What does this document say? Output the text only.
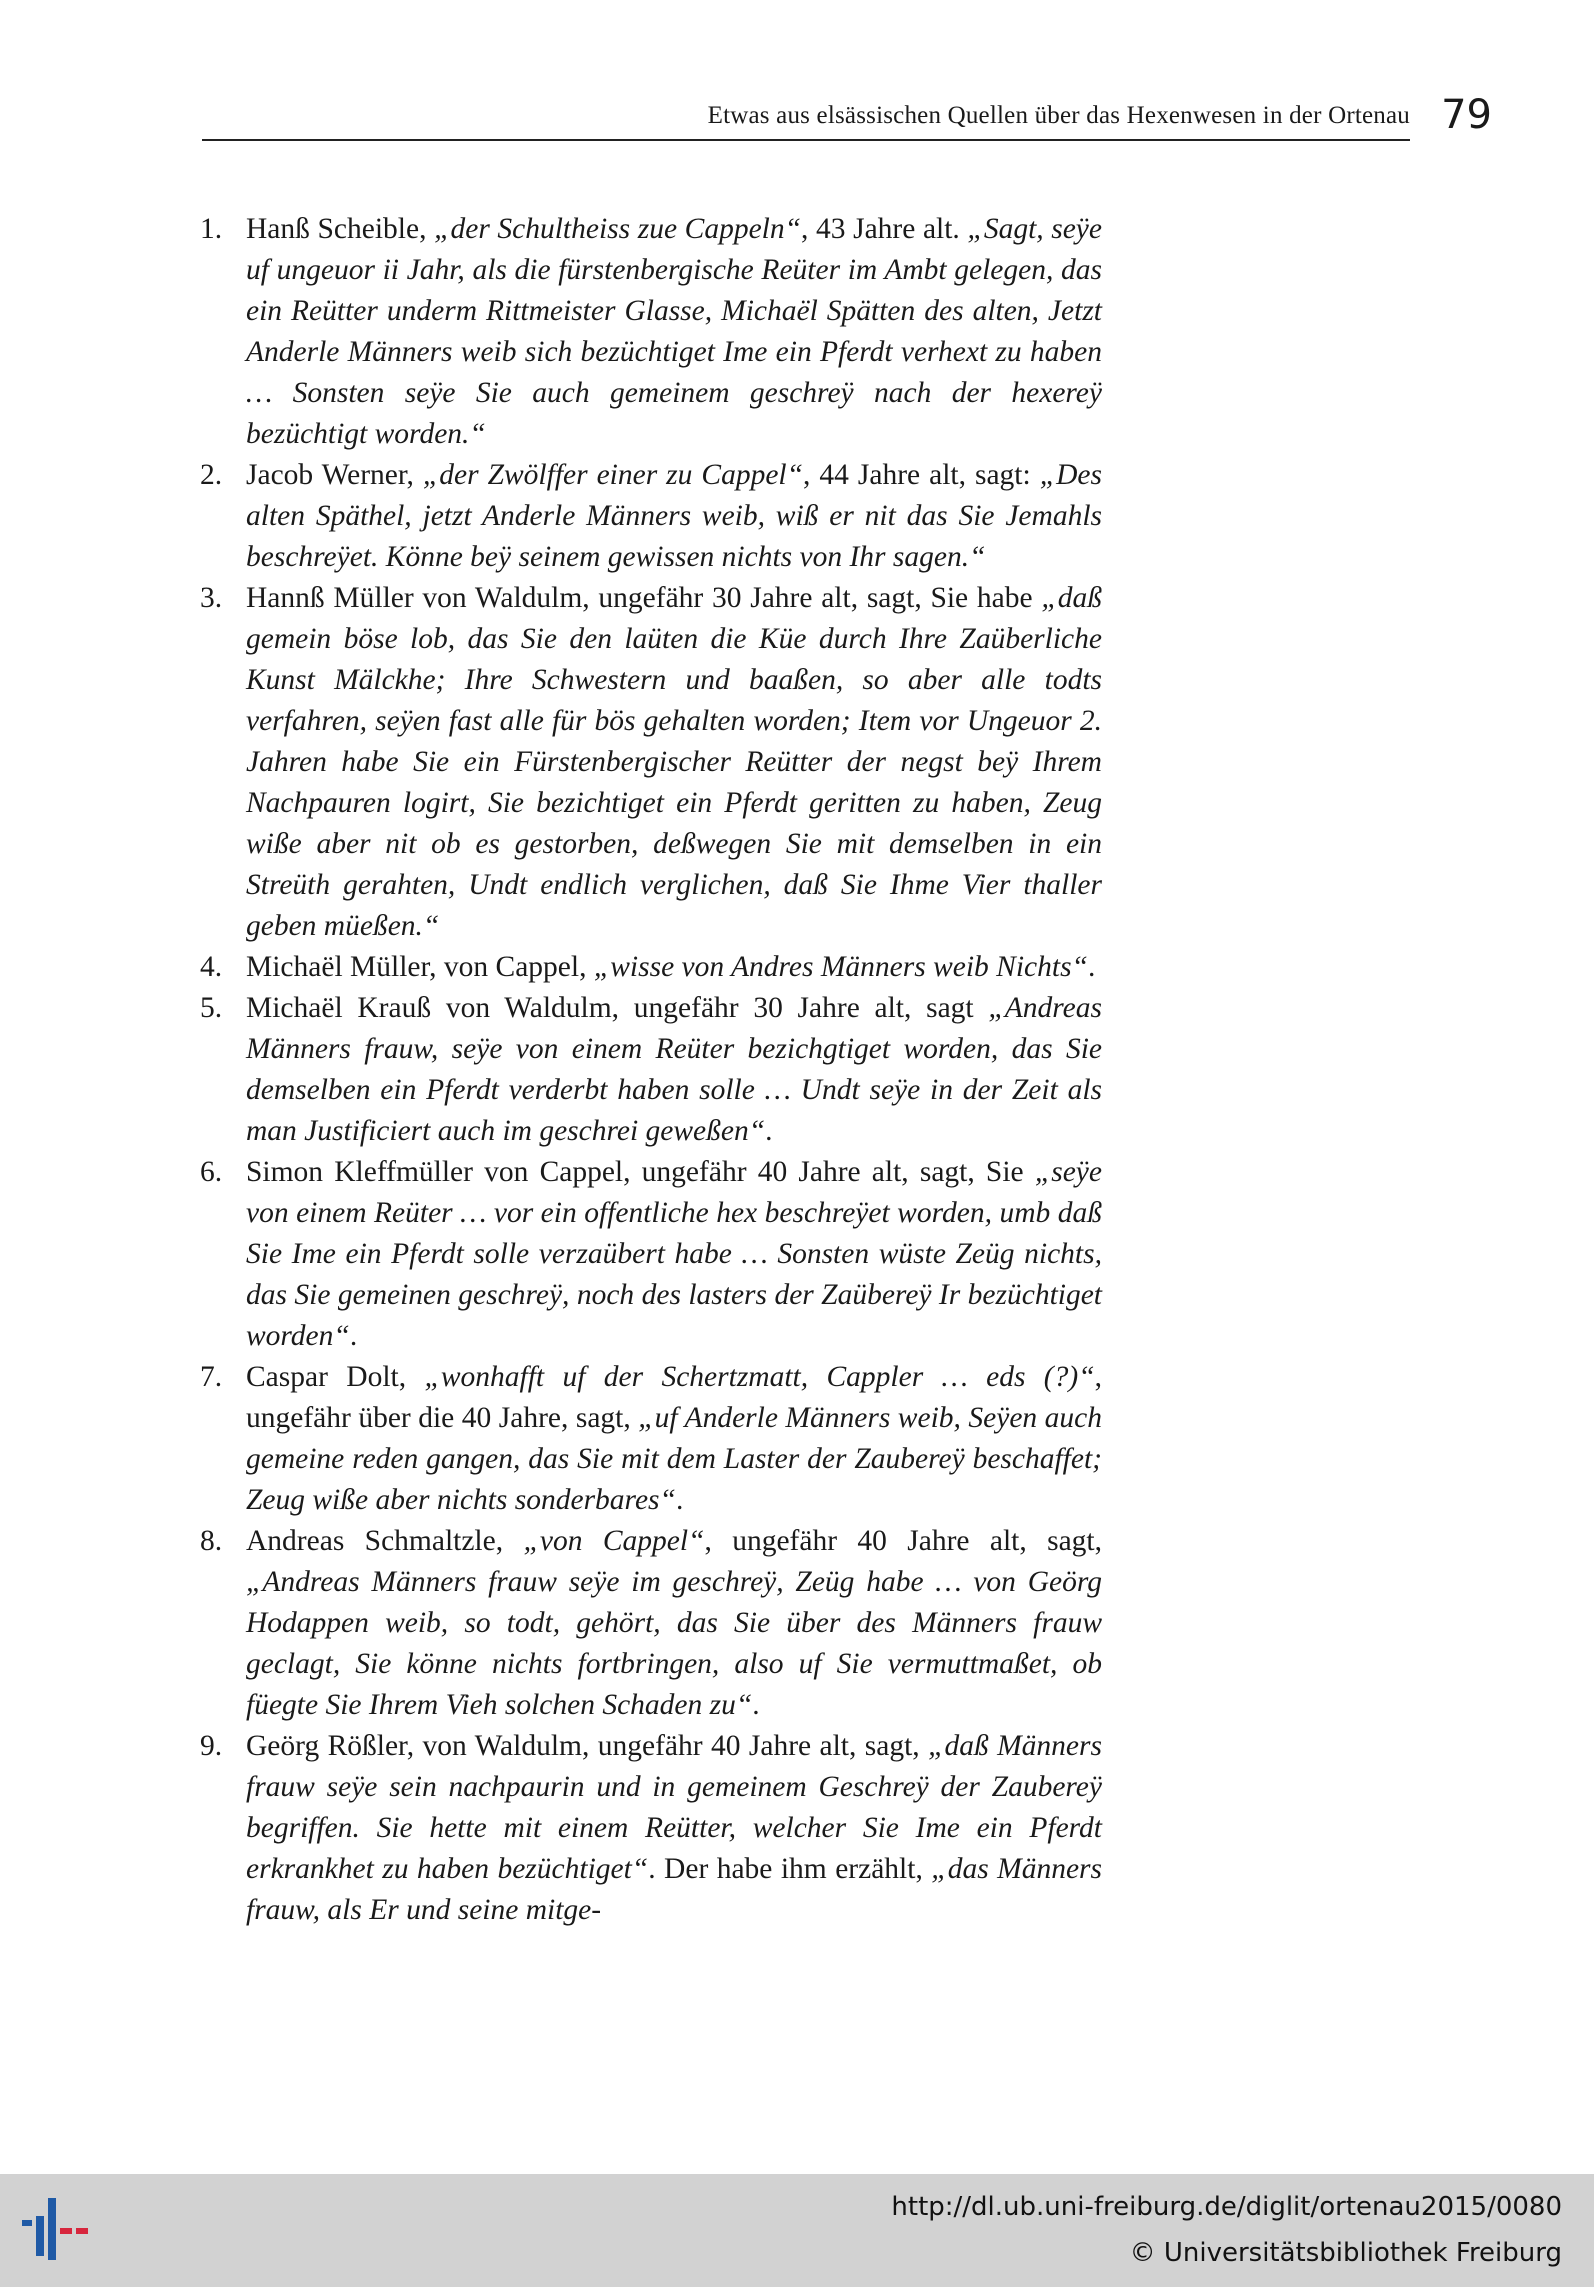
Etwas aus elsässischen Quellen über das Hexenwesen in der Ortenau 79
1. Hanß Scheible, „der Schultheiss zue Cappeln“, 43 Jahre alt. „Sagt, seÿe uf ungeuor ii Jahr, als die fürstenbergische Reüter im Ambt gelegen, das ein Reütter underm Rittmeister Glasse, Michaël Spätten des alten, Jetzt Anderle Männers weib sich bezüchtiget Ime ein Pferdt verhext zu haben … Sonsten seÿe Sie auch gemeinem geschreÿ nach der hexereÿ bezüchtigt worden.“
2. Jacob Werner, „der Zwölffer einer zu Cappel“, 44 Jahre alt, sagt: „Des alten Späthel, jetzt Anderle Männers weib, wiß er nit das Sie Jemahls beschreÿet. Könne beÿ seinem gewissen nichts von Ihr sagen.“
3. Hannß Müller von Waldulm, ungefähr 30 Jahre alt, sagt, Sie habe „daß gemein böse lob, das Sie den laüten die Küe durch Ihre Zaüberliche Kunst Mälckhe; Ihre Schwestern und baaßen, so aber alle todts verfahren, seÿen fast alle für bös gehalten worden; Item vor Ungeuor 2. Jahren habe Sie ein Fürstenbergischer Reütter der negst beÿ Ihrem Nachpauren logirt, Sie bezichtiget ein Pferdt geritten zu haben, Zeug wiße aber nit ob es gestorben, deßwegen Sie mit demselben in ein Streüth gerahten, Undt endlich verglichen, daß Sie Ihme Vier thaller geben müeßen.“
4. Michaël Müller, von Cappel, „wisse von Andres Männers weib Nichts“.
5. Michaël Krauß von Waldulm, ungefähr 30 Jahre alt, sagt „Andreas Männers frauw, seÿe von einem Reüter bezichgtiget worden, das Sie demselben ein Pferdt verderbt haben solle … Undt seÿe in der Zeit als man Justificiert auch im geschrei geweßen“.
6. Simon Kleffmüller von Cappel, ungefähr 40 Jahre alt, sagt, Sie „seÿe von einem Reüter … vor ein offentliche hex beschreÿet worden, umb daß Sie Ime ein Pferdt solle verzaübert habe … Sonsten wüste Zeüg nichts, das Sie gemeinen geschreÿ, noch des lasters der Zaübereÿ Ir bezüchtiget worden“.
7. Caspar Dolt, „wonhafft uf der Schertzmatt, Cappler … eds (?)“, ungefähr über die 40 Jahre, sagt, „uf Anderle Männers weib, Seÿen auch gemeine reden gangen, das Sie mit dem Laster der Zaubereÿ beschaffet; Zeug wiße aber nichts sonderbares“.
8. Andreas Schmaltzle, „von Cappel“, ungefähr 40 Jahre alt, sagt, „Andreas Männers frauw seÿe im geschreÿ, Zeüg habe … von Geörg Hodappen weib, so todt, gehört, das Sie über des Männers frauw geclagt, Sie könne nichts fortbringen, also uf Sie vermuttmaßet, ob füegte Sie Ihrem Vieh solchen Schaden zu“.
9. Geörg Rößler, von Waldulm, ungefähr 40 Jahre alt, sagt, „daß Männers frauw seÿe sein nachpaurin und in gemeinem Geschreÿ der Zaubereÿ begriffen. Sie hette mit einem Reütter, welcher Sie Ime ein Pferdt erkrankhet zu haben bezüchtiget“. Der habe ihm erzählt, „das Männers frauw, als Er und seine mitge-
http://dl.ub.uni-freiburg.de/diglit/ortenau2015/0080
© Universitätsbibliothek Freiburg
